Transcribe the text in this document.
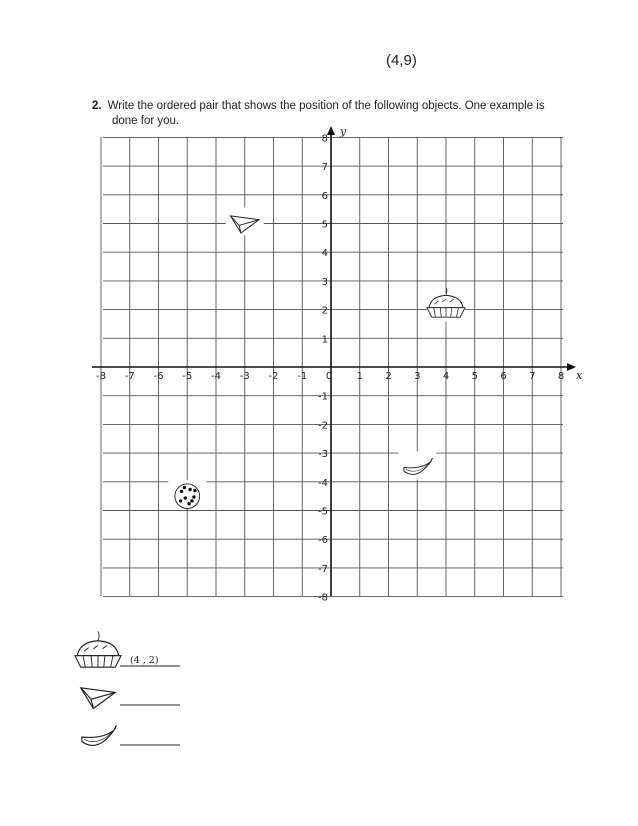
(4,9)
2. Write the ordered pair that shows the position of the following objects. One example is
done for you.
x
y
-8 -7 -6 -5 -4 -3 -2 -1 0 1 2 3 4 5 6 7 8
8
7
6
5
4
3
2
1
-1
-2
-3
-4
-5
-6
-7
-8
(4 , 2)
